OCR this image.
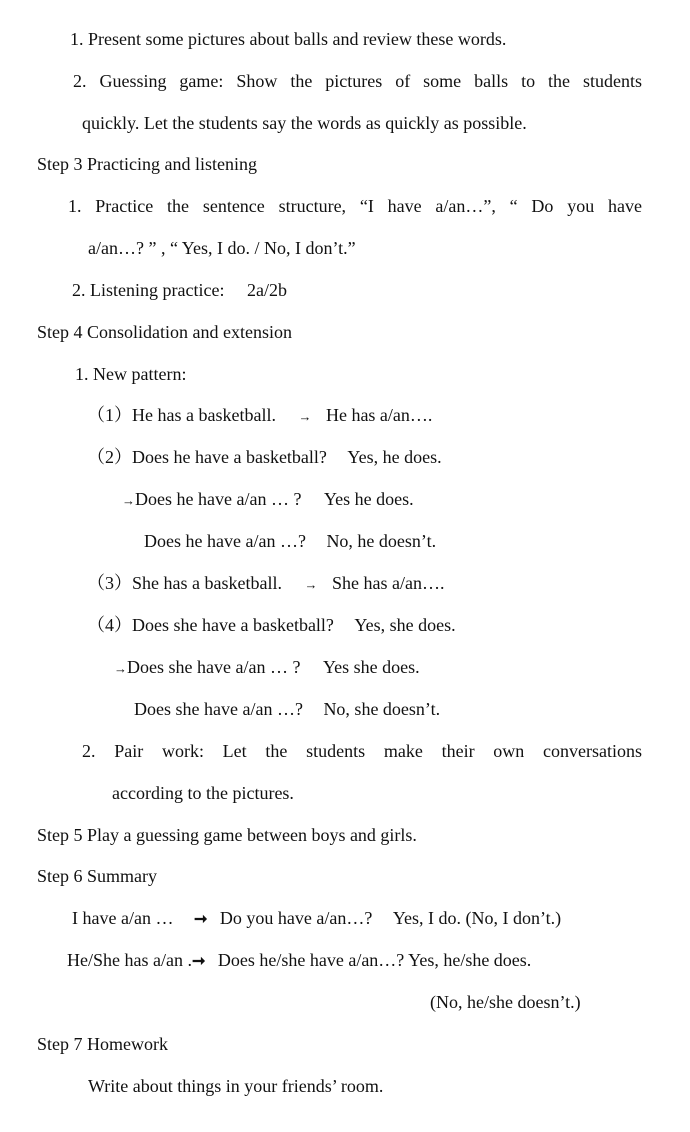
1. Present some pictures about balls and review these words.
2. Guessing game: Show the pictures of some balls to the students
quickly. Let the students say the words as quickly as possible.
Step 3 Practicing and listening
1. Practice the sentence structure, “I have a/an…”, “ Do you have
a/an…? ” , “ Yes, I do. / No, I don’t.”
2. Listening practice: 2a/2b
Step 4 Consolidation and extension
1. New pattern:
（1）He has a basketball. → He has a/an….
（2）Does he have a basketball? Yes, he does.
→Does he have a/an … ? Yes he does.
Does he have a/an …? No, he doesn’t.
（3）She has a basketball. → She has a/an….
（4）Does she have a basketball? Yes, she does.
→Does she have a/an … ? Yes she does.
Does she have a/an …? No, she doesn’t.
2. Pair work: Let the students make their own conversations
according to the pictures.
Step 5 Play a guessing game between boys and girls.
Step 6 Summary
I have a/an … ➞ Do you have a/an…? Yes, I do. (No, I don’t.)
He/She has a/an .➞ Does he/she have a/an…? Yes, he/she does.
(No, he/she doesn’t.)
Step 7 Homework
Write about things in your friends’ room.
